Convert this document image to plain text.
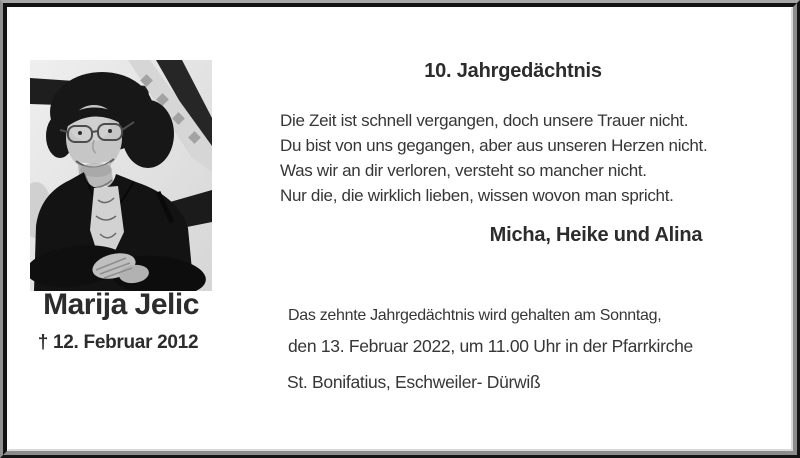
Marija Jelic
† 12. Februar 2012
10. Jahrgedächtnis
Die Zeit ist schnell vergangen, doch unsere Trauer nicht.
Du bist von uns gegangen, aber aus unseren Herzen nicht.
Was wir an dir verloren, versteht so mancher nicht.
Nur die, die wirklich lieben, wissen wovon man spricht.
Micha, Heike und Alina
Das zehnte Jahrgedächtnis wird gehalten am Sonntag,
den 13. Februar 2022, um 11.00 Uhr in der Pfarrkirche
St. Bonifatius, Eschweiler- Dürwiß
